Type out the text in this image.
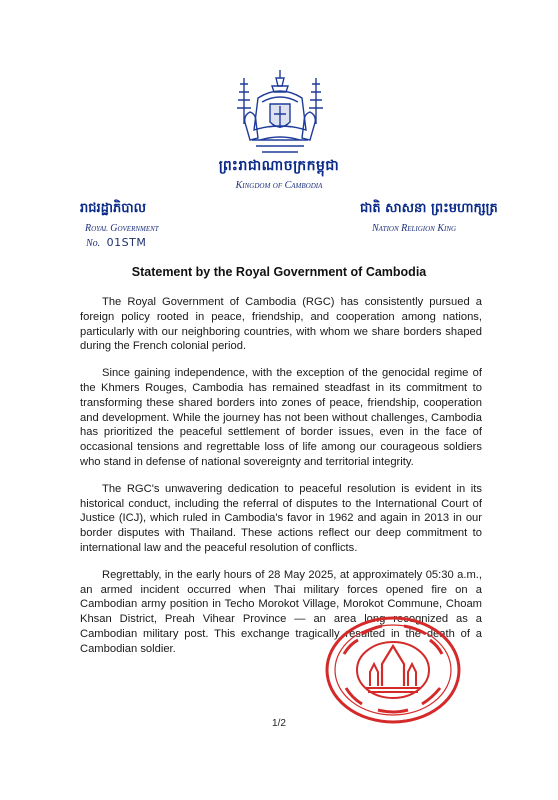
ព្រះរាជាណាចក្រកម្ពុជា
Kingdom of Cambodia
រាជរដ្ឋាភិបាល	ជាតិ សាសនា ព្រះមហាក្សត្រ
Royal Government	Nation Religion King
No. 01STM
Statement by the Royal Government of Cambodia

The Royal Government of Cambodia (RGC) has consistently pursued a foreign policy rooted in peace, friendship, and cooperation among nations, particularly with our neighboring countries, with whom we share borders shaped during the French colonial period.

Since gaining independence, with the exception of the genocidal regime of the Khmers Rouges, Cambodia has remained steadfast in its commitment to transforming these shared borders into zones of peace, friendship, cooperation and development. While the journey has not been without challenges, Cambodia has prioritized the peaceful settlement of border issues, even in the face of occasional tensions and regrettable loss of life among our courageous soldiers who stand in defense of national sovereignty and territorial integrity.

The RGC's unwavering dedication to peaceful resolution is evident in its historical conduct, including the referral of disputes to the International Court of Justice (ICJ), which ruled in Cambodia's favor in 1962 and again in 2013 in our border disputes with Thailand. These actions reflect our deep commitment to international law and the peaceful resolution of conflicts.

Regrettably, in the early hours of 28 May 2025, at approximately 05:30 a.m., an armed incident occurred when Thai military forces opened fire on a Cambodian army position in Techo Morokot Village, Morokot Commune, Choam Khsan District, Preah Vihear Province — an area long recognized as a Cambodian military post. This exchange tragically resulted in the death of a Cambodian soldier.

1/2
